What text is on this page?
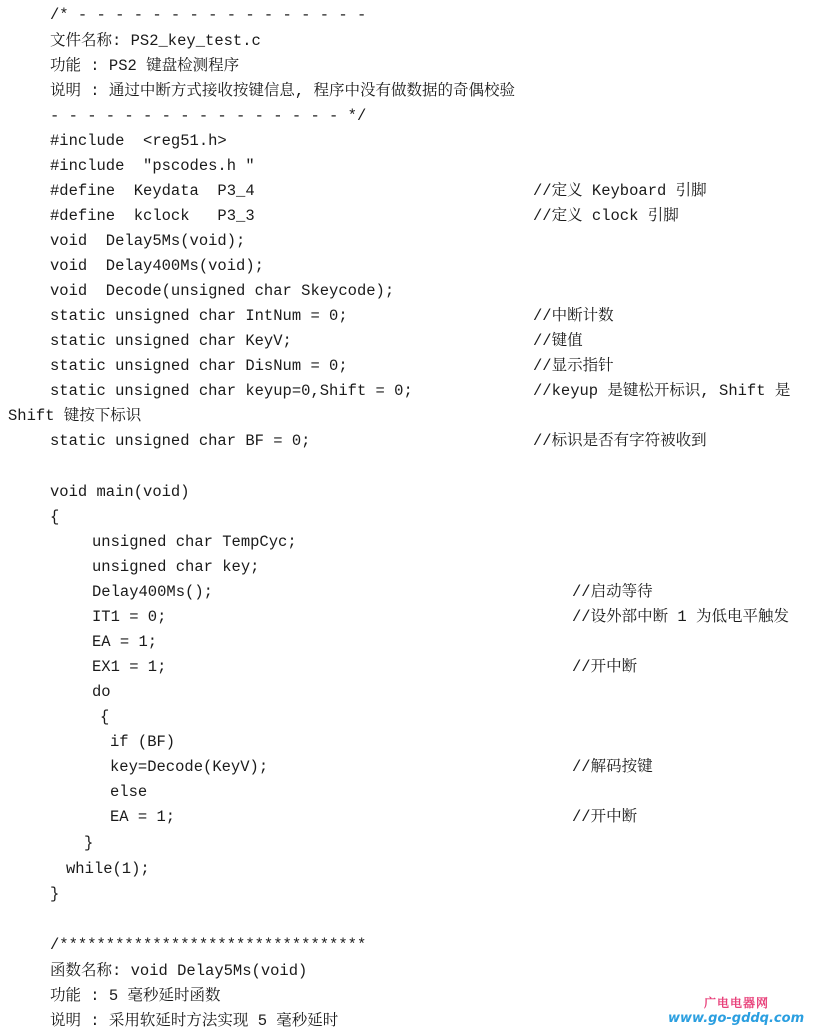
/* - - - - - - - - - - - - - - - -
文件名称: PS2_key_test.c
功能 : PS2 键盘检测程序
说明 : 通过中断方式接收按键信息, 程序中没有做数据的奇偶校验
- - - - - - - - - - - - - - - - */
#include  <reg51.h>
#include  "pscodes.h "
#define  Keydata  P3_4	//定义 Keyboard 引脚
#define  kclock   P3_3	//定义 clock 引脚
void  Delay5Ms(void);
void  Delay400Ms(void);
void  Decode(unsigned char Skeycode);
static unsigned char IntNum = 0;	//中断计数
static unsigned char KeyV;	//键值
static unsigned char DisNum = 0;	//显示指针
static unsigned char keyup=0,Shift = 0;	//keyup 是键松开标识, Shift 是
Shift 键按下标识
static unsigned char BF = 0;	//标识是否有字符被收到
void main(void)
{
unsigned char TempCyc;
unsigned char key;
Delay400Ms();	//启动等待
IT1 = 0;	//设外部中断 1 为低电平触发
EA = 1;
EX1 = 1;	//开中断
do
{
if (BF)
key=Decode(KeyV);	//解码按键
else
EA = 1;	//开中断
}
while(1);
}
/*********************************
函数名称: void Delay5Ms(void)
功能 : 5 毫秒延时函数
说明 : 采用软延时方法实现 5 毫秒延时
广电电器网
www.go-gddq.com
